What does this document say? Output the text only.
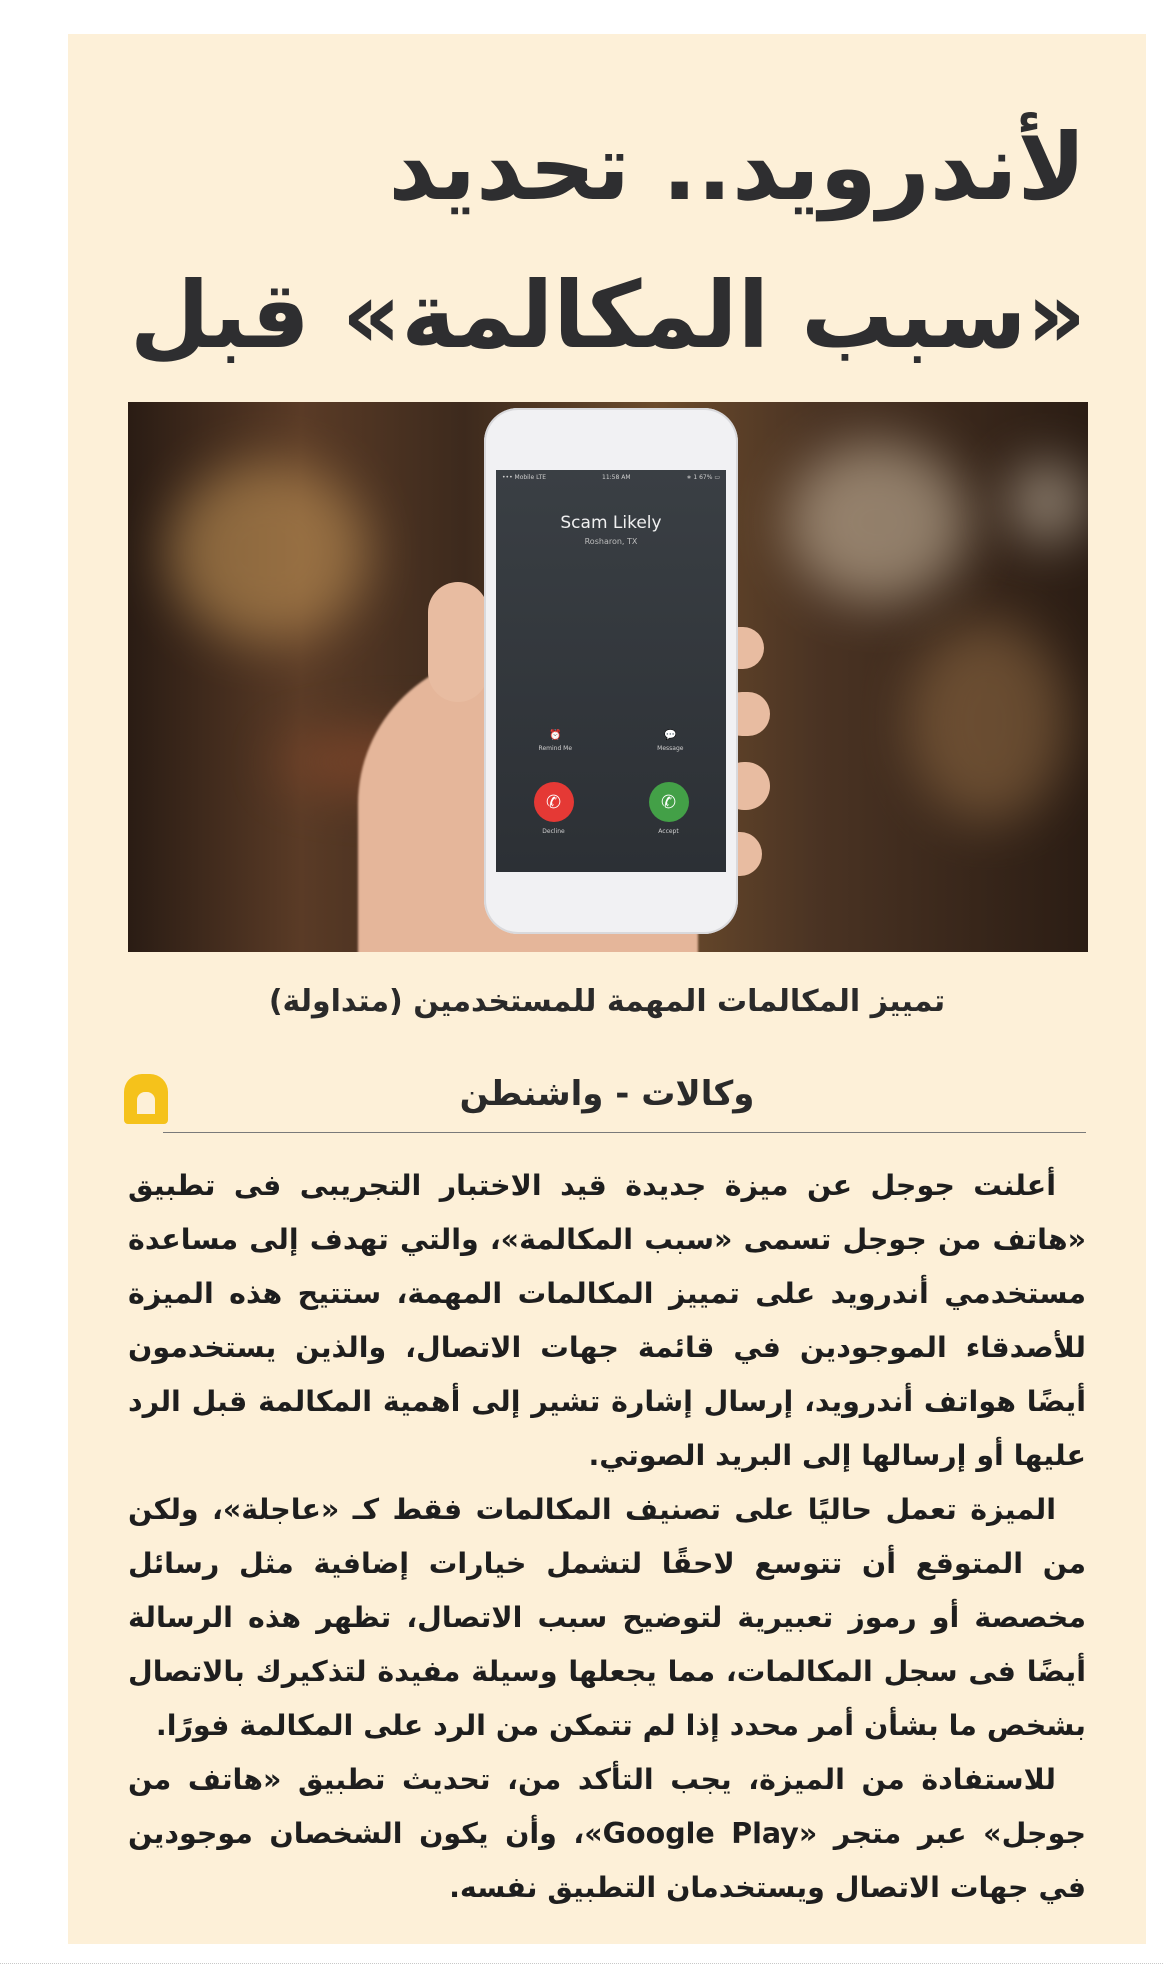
لأندرويد.. تحديد «سبب المكالمة» قبل
••• Mobile LTE	11:58 AM	∗ 1 67% ▭
Scam Likely
Rosharon, TX
⏰
Remind Me
💬
Message
✆
Decline
✆
Accept
تمييز المكالمات المهمة للمستخدمين (متداولة)
وكالات - واشنطن

أعلنت جوجل عن ميزة جديدة قيد الاختبار التجريبى فى تطبيق «هاتف من جوجل تسمى «سبب المكالمة»، والتي تهدف إلى مساعدة مستخدمي أندرويد على تمييز المكالمات المهمة، ستتيح هذه الميزة للأصدقاء الموجودين في قائمة جهات الاتصال، والذين يستخدمون أيضًا هواتف أندرويد، إرسال إشارة تشير إلى أهمية المكالمة قبل الرد عليها أو إرسالها إلى البريد الصوتي.

الميزة تعمل حاليًا على تصنيف المكالمات فقط كـ «عاجلة»، ولكن من المتوقع أن تتوسع لاحقًا لتشمل خيارات إضافية مثل رسائل مخصصة أو رموز تعبيرية لتوضيح سبب الاتصال، تظهر هذه الرسالة أيضًا فى سجل المكالمات، مما يجعلها وسيلة مفيدة لتذكيرك بالاتصال بشخص ما بشأن أمر محدد إذا لم تتمكن من الرد على المكالمة فورًا.

للاستفادة من الميزة، يجب التأكد من، تحديث تطبيق «هاتف من جوجل» عبر متجر «Google Play»، وأن يكون الشخصان موجودين في جهات الاتصال ويستخدمان التطبيق نفسه.
